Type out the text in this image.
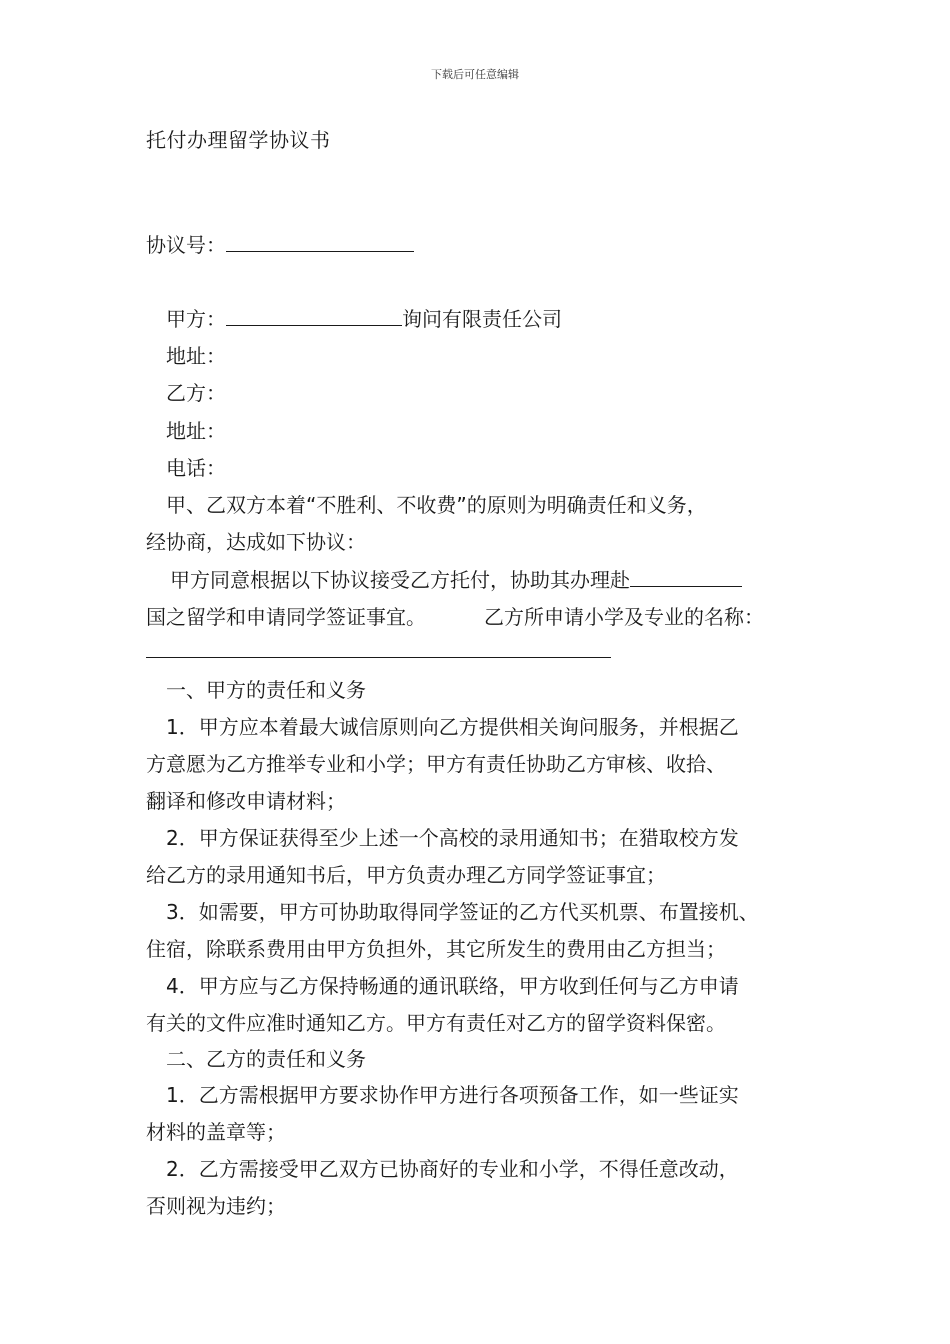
下载后可任意编辑
托付办理留学协议书
协议号：
甲方：	询问有限责任公司
地址：
乙方：
地址：
电话：
甲、乙双方本着“不胜利、不收费”的原则为明确责任和义务，
经协商，达成如下协议：
甲方同意根据以下协议接受乙方托付，协助其办理赴
国之留学和申请同学签证事宜。	乙方所申请小学及专业的名称：
一、甲方的责任和义务
1．甲方应本着最大诚信原则向乙方提供相关询问服务，并根据乙
方意愿为乙方推举专业和小学；甲方有责任协助乙方审核、收拾、
翻译和修改申请材料；
2．甲方保证获得至少上述一个高校的录用通知书；在猎取校方发
给乙方的录用通知书后，甲方负责办理乙方同学签证事宜；
3．如需要，甲方可协助取得同学签证的乙方代买机票、布置接机、
住宿，除联系费用由甲方负担外，其它所发生的费用由乙方担当；
4．甲方应与乙方保持畅通的通讯联络，甲方收到任何与乙方申请
有关的文件应准时通知乙方。甲方有责任对乙方的留学资料保密。
二、乙方的责任和义务
1．乙方需根据甲方要求协作甲方进行各项预备工作，如一些证实
材料的盖章等；
2．乙方需接受甲乙双方已协商好的专业和小学，不得任意改动，
否则视为违约；
